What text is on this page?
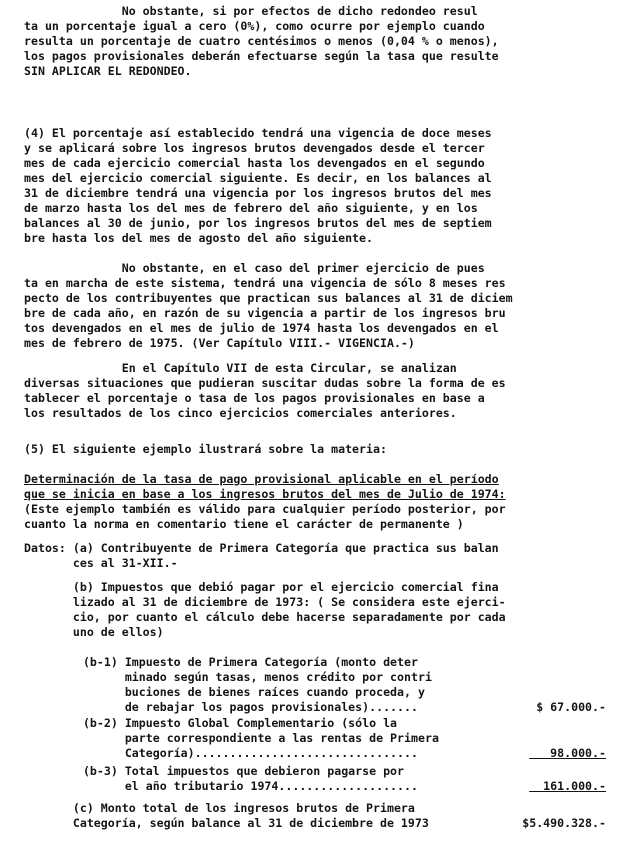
No obstante, si por efectos de dicho redondeo resul
ta un porcentaje igual a cero (0%), como ocurre por ejemplo cuando
resulta un porcentaje de cuatro centésimos o menos (0,04 % o menos),
los pagos provisionales deberán efectuarse según la tasa que resulte
SIN APLICAR EL REDONDEO.
(4) El porcentaje así establecido tendrá una vigencia de doce meses
y se aplicará sobre los ingresos brutos devengados desde el tercer
mes de cada ejercicio comercial hasta los devengados en el segundo
mes del ejercicio comercial siguiente. Es decir, en los balances al
31 de diciembre tendrá una vigencia por los ingresos brutos del mes
de marzo hasta los del mes de febrero del año siguiente, y en los
balances al 30 de junio, por los ingresos brutos del mes de septiem
bre hasta los del mes de agosto del año siguiente.
No obstante, en el caso del primer ejercicio de pues
ta en marcha de este sistema, tendrá una vigencia de sólo 8 meses res
pecto de los contribuyentes que practican sus balances al 31 de diciem
bre de cada año, en razón de su vigencia a partir de los ingresos bru
tos devengados en el mes de julio de 1974 hasta los devengados en el
mes de febrero de 1975. (Ver Capítulo VIII.- VIGENCIA.-)
En el Capítulo VII de esta Circular, se analizan
diversas situaciones que pudieran suscitar dudas sobre la forma de es
tablecer el porcentaje o tasa de los pagos provisionales en base a
los resultados de los cinco ejercicios comerciales anteriores.
(5) El siguiente ejemplo ilustrará sobre la materia:
Determinación de la tasa de pago provisional aplicable en el período
que se inicia en base a los ingresos brutos del mes de Julio de 1974:
(Este ejemplo también es válido para cualquier período posterior, por
cuanto la norma en comentario tiene el carácter de permanente )
Datos: (a) Contribuyente de Primera Categoría que practica sus balan
ces al 31-XII.-
(b) Impuestos que debió pagar por el ejercicio comercial fina
lizado al 31 de diciembre de 1973: ( Se considera este ejerci-
cio, por cuanto el cálculo debe hacerse separadamente por cada
uno de ellos)
(b-1) Impuesto de Primera Categoría (monto deter
minado según tasas, menos crédito por contri
buciones de bienes raíces cuando proceda, y
de rebajar los pagos provisionales).......	$ 67.000.-
(b-2) Impuesto Global Complementario (sólo la
parte correspondiente a las rentas de Primera
Categoría)................................	98.000.-
(b-3) Total impuestos que debieron pagarse por
el año tributario 1974....................	161.000.-
(c) Monto total de los ingresos brutos de Primera
Categoría, según balance al 31 de diciembre de 1973	$5.490.328.-
